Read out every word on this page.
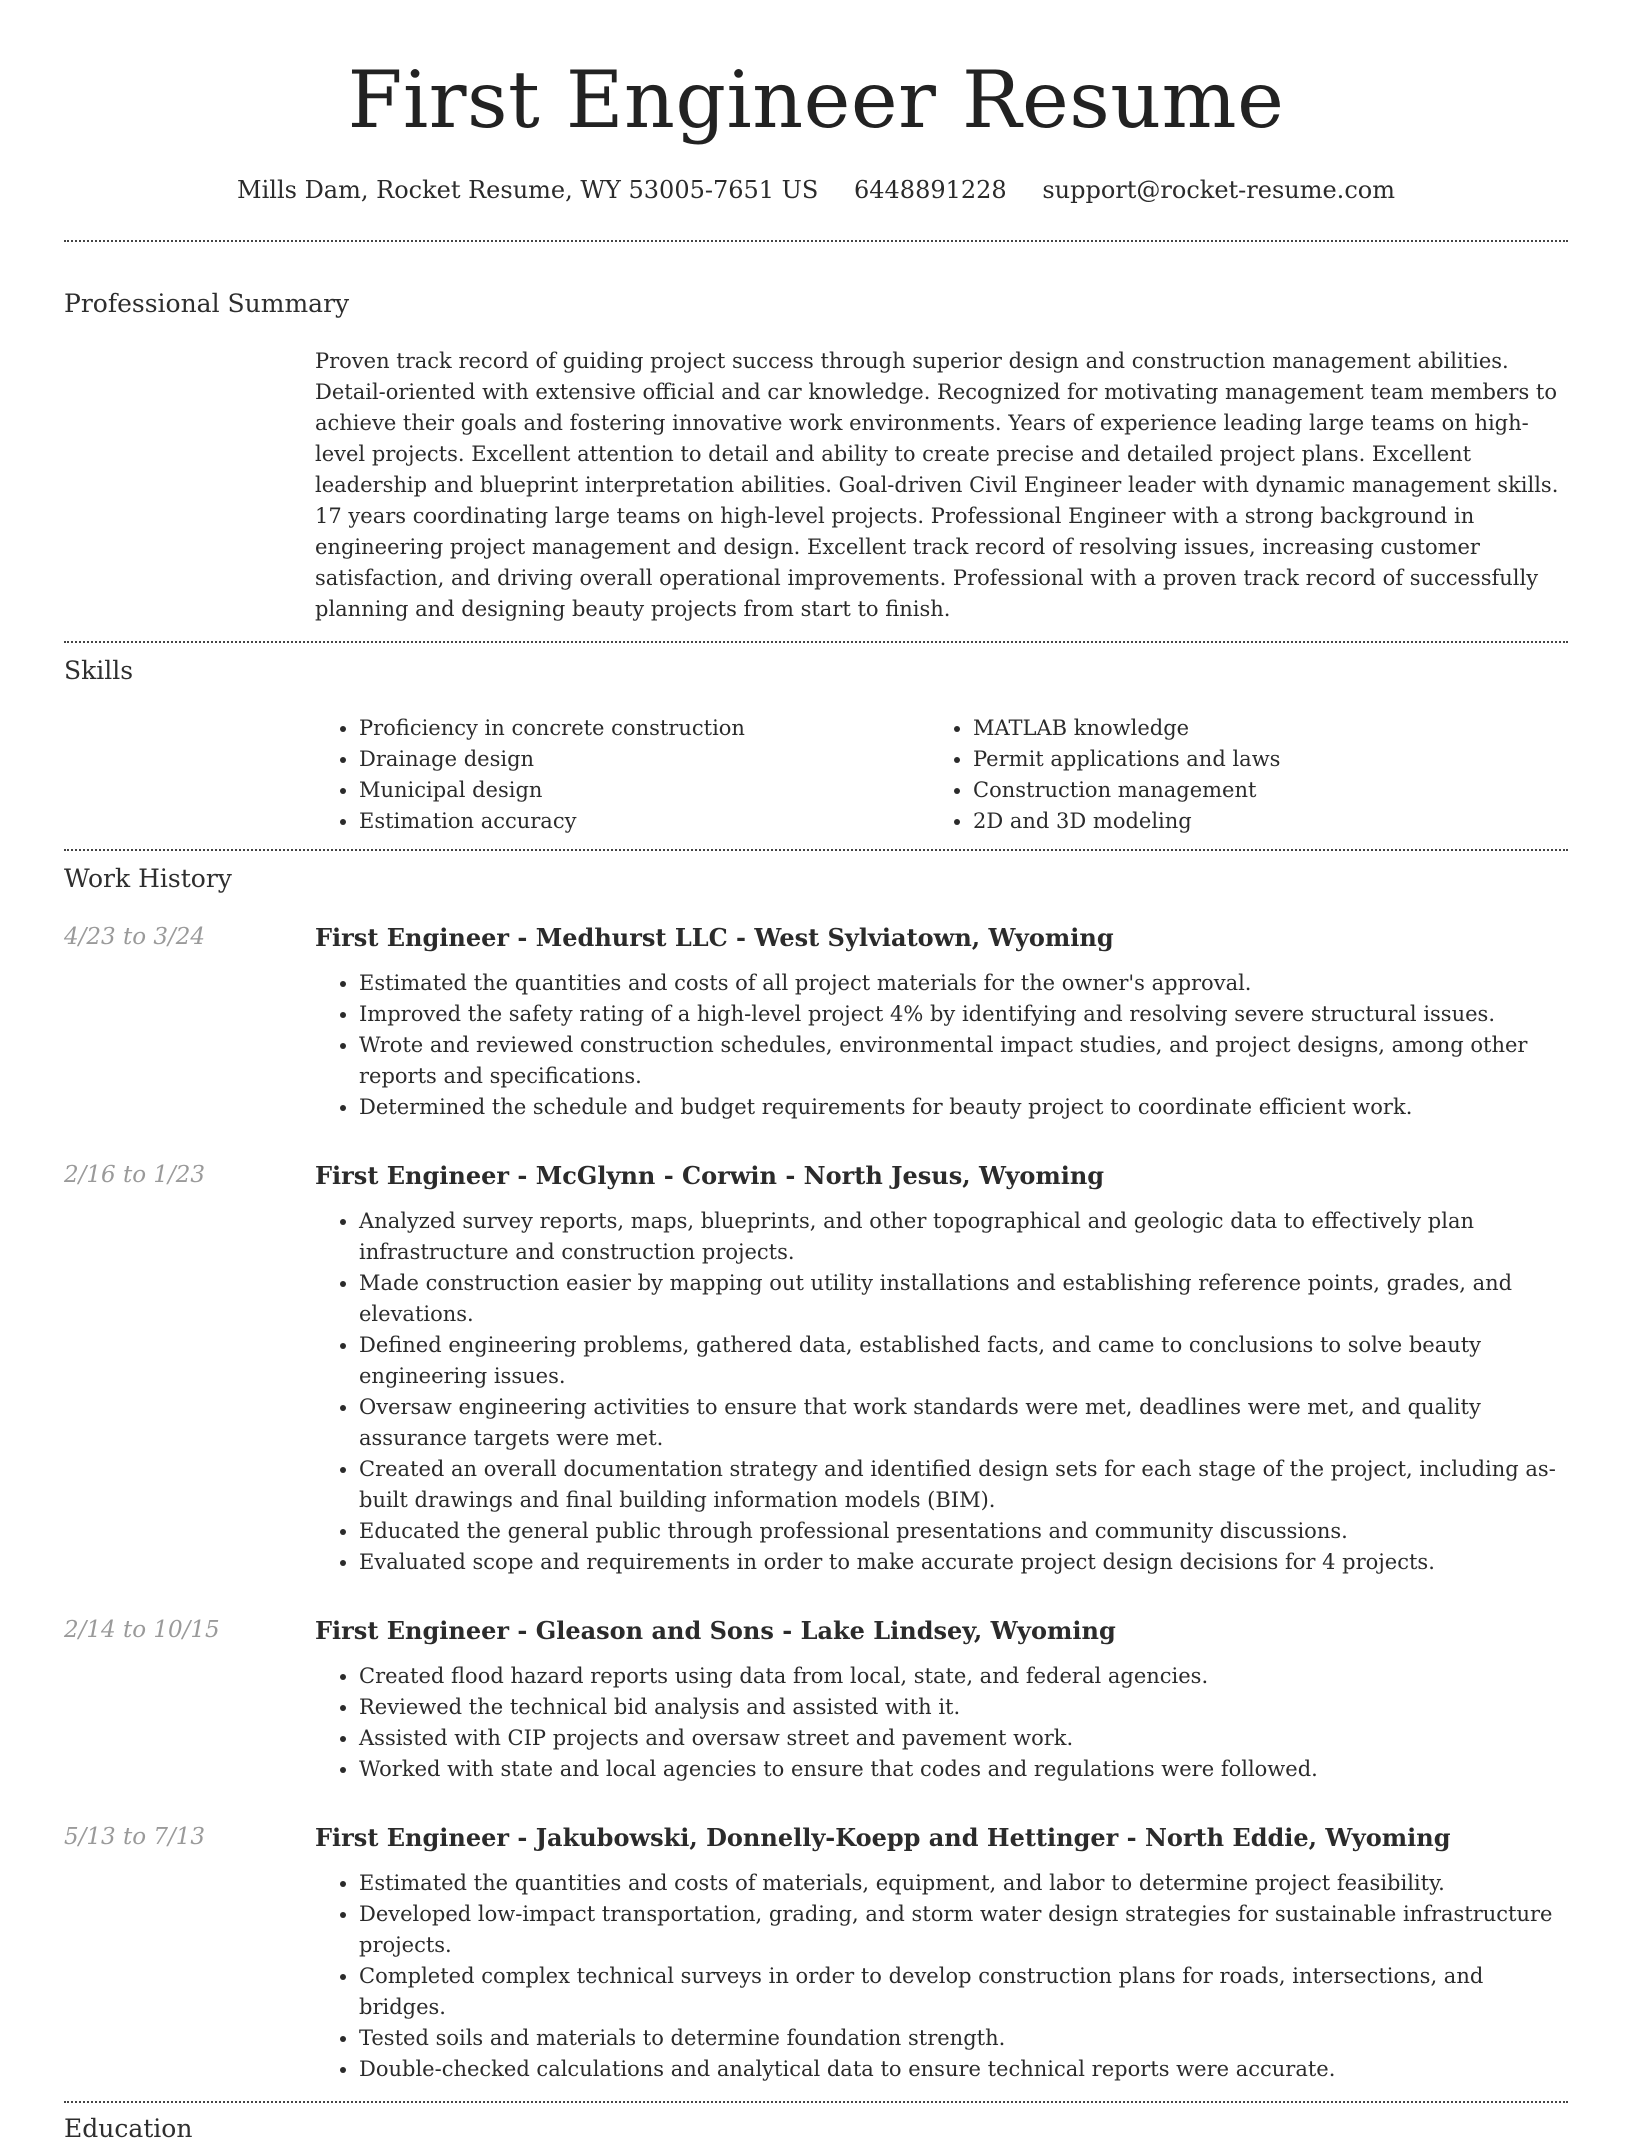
First Engineer Resume
Mills Dam, Rocket Resume, WY 53005-7651 US 6448891228 support@rocket-resume.com
Professional Summary
Proven track record of guiding project success through superior design and construction management abilities. Detail-oriented with extensive official and car knowledge. Recognized for motivating management team members to achieve their goals and fostering innovative work environments. Years of experience leading large teams on high-level projects. Excellent attention to detail and ability to create precise and detailed project plans. Excellent leadership and blueprint interpretation abilities. Goal-driven Civil Engineer leader with dynamic management skills. 17 years coordinating large teams on high-level projects. Professional Engineer with a strong background in engineering project management and design. Excellent track record of resolving issues, increasing customer satisfaction, and driving overall operational improvements. Professional with a proven track record of successfully planning and designing beauty projects from start to finish.
Skills
• Proficiency in concrete construction
• Drainage design
• Municipal design
• Estimation accuracy
• MATLAB knowledge
• Permit applications and laws
• Construction management
• 2D and 3D modeling
Work History
4/23 to 3/24	First Engineer - Medhurst LLC - West Sylviatown, Wyoming
• Estimated the quantities and costs of all project materials for the owner's approval.
• Improved the safety rating of a high-level project 4% by identifying and resolving severe structural issues.
• Wrote and reviewed construction schedules, environmental impact studies, and project designs, among other reports and specifications.
• Determined the schedule and budget requirements for beauty project to coordinate efficient work.
2/16 to 1/23	First Engineer - McGlynn - Corwin - North Jesus, Wyoming
• Analyzed survey reports, maps, blueprints, and other topographical and geologic data to effectively plan infrastructure and construction projects.
• Made construction easier by mapping out utility installations and establishing reference points, grades, and elevations.
• Defined engineering problems, gathered data, established facts, and came to conclusions to solve beauty engineering issues.
• Oversaw engineering activities to ensure that work standards were met, deadlines were met, and quality assurance targets were met.
• Created an overall documentation strategy and identified design sets for each stage of the project, including as-built drawings and final building information models (BIM).
• Educated the general public through professional presentations and community discussions.
• Evaluated scope and requirements in order to make accurate project design decisions for 4 projects.
2/14 to 10/15	First Engineer - Gleason and Sons - Lake Lindsey, Wyoming
• Created flood hazard reports using data from local, state, and federal agencies.
• Reviewed the technical bid analysis and assisted with it.
• Assisted with CIP projects and oversaw street and pavement work.
• Worked with state and local agencies to ensure that codes and regulations were followed.
5/13 to 7/13	First Engineer - Jakubowski, Donnelly-Koepp and Hettinger - North Eddie, Wyoming
• Estimated the quantities and costs of materials, equipment, and labor to determine project feasibility.
• Developed low-impact transportation, grading, and storm water design strategies for sustainable infrastructure projects.
• Completed complex technical surveys in order to develop construction plans for roads, intersections, and bridges.
• Tested soils and materials to determine foundation strength.
• Double-checked calculations and analytical data to ensure technical reports were accurate.
Education
